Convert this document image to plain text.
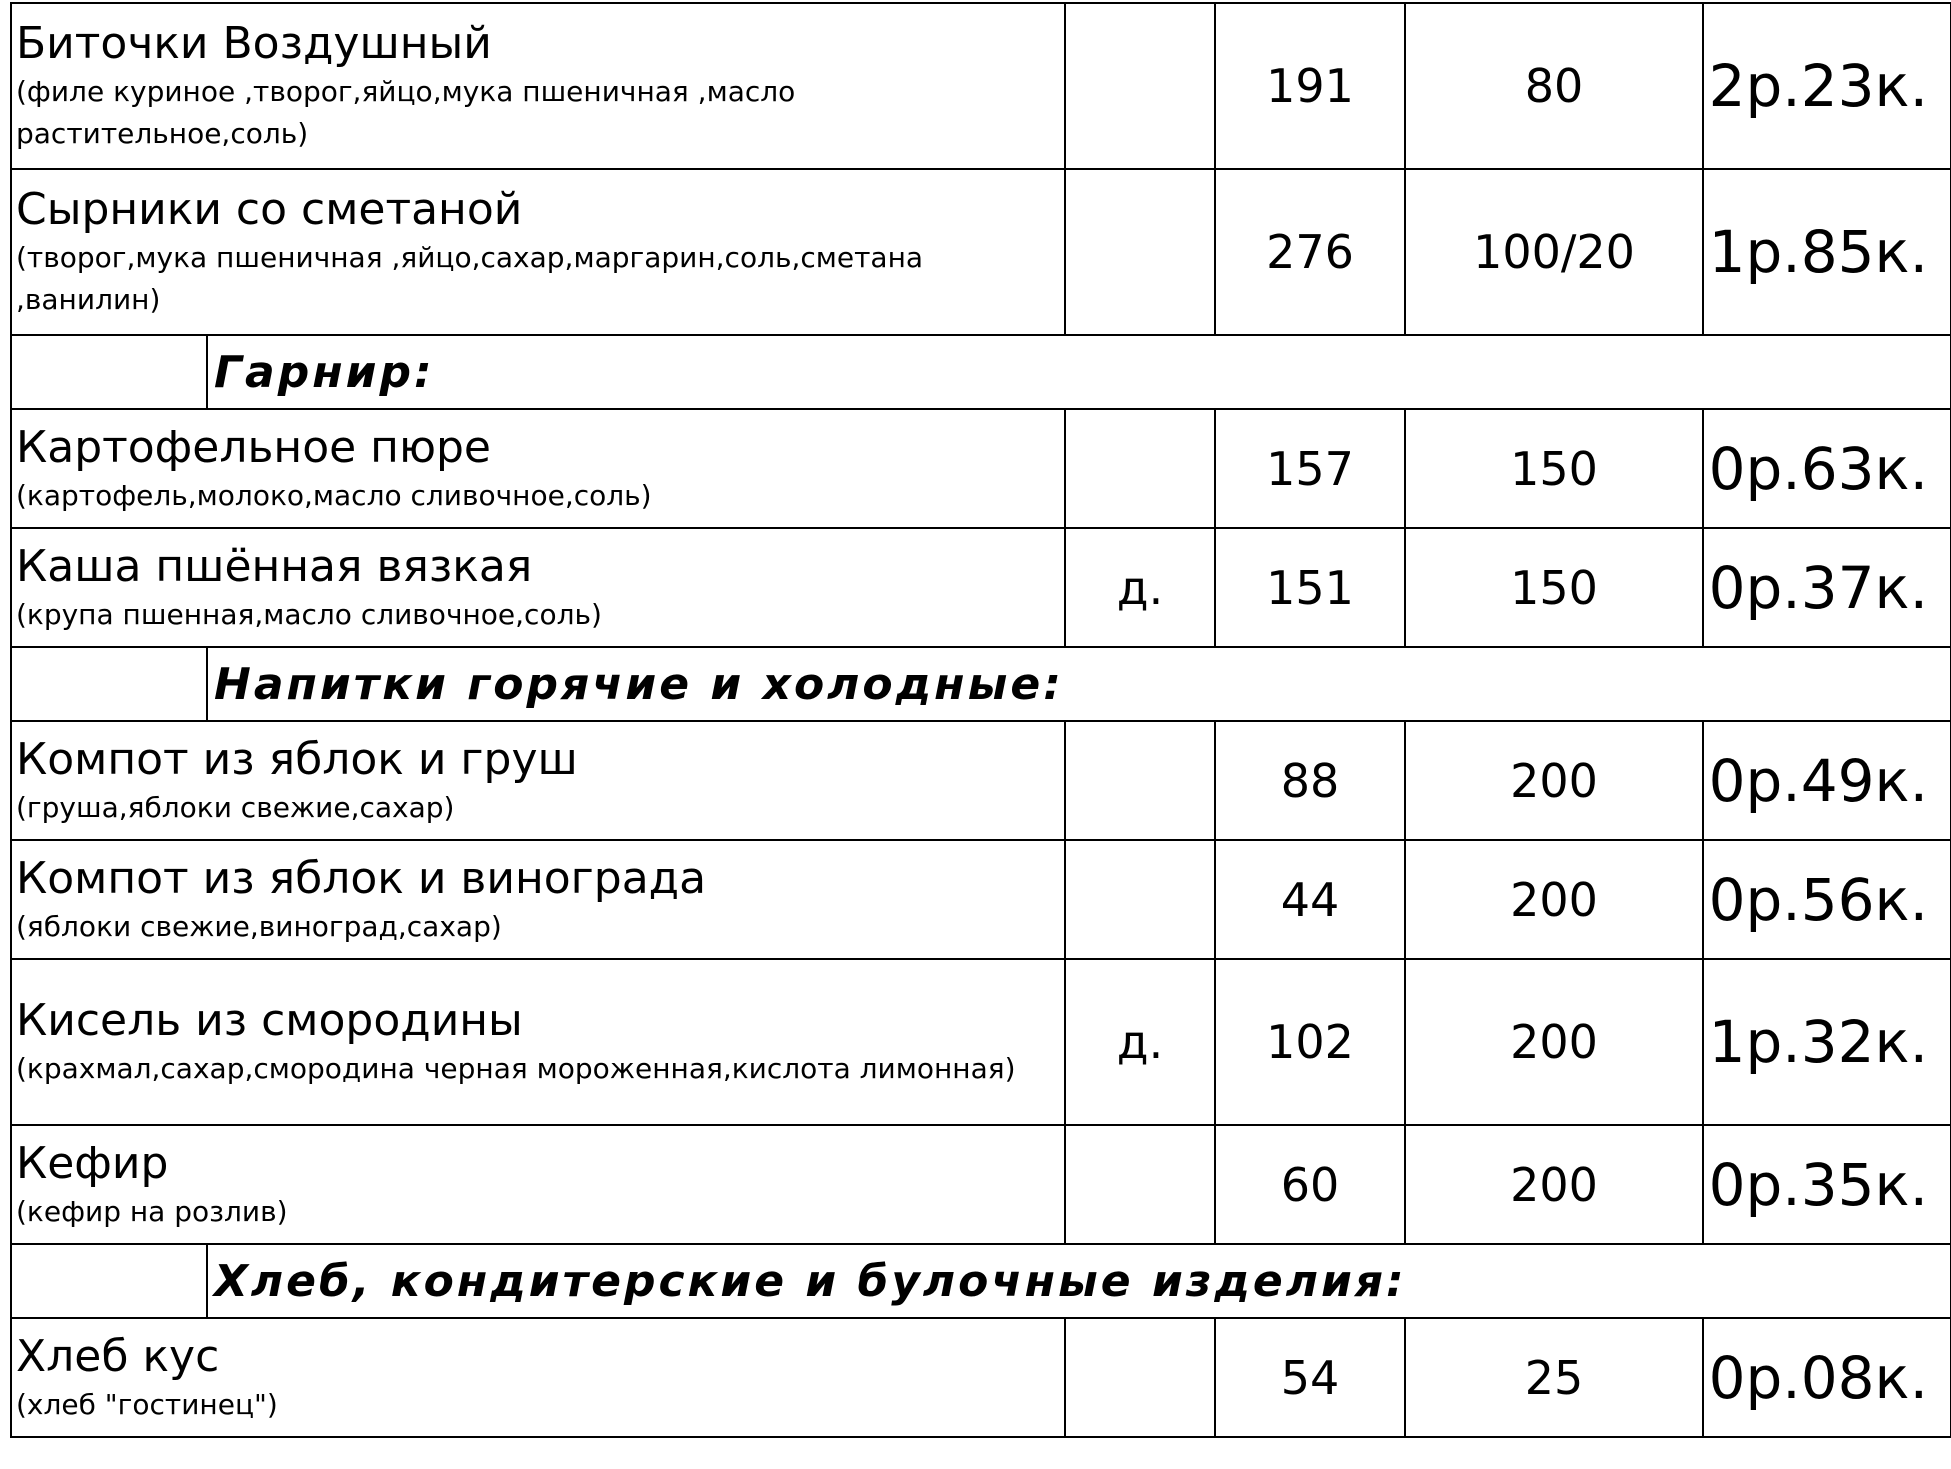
Биточки Воздушный
(филе куриное ,творог,яйцо,мука пшеничная ,масло растительное,соль)			191	80	2р.23к.

Сырники со сметаной
(творог,мука пшеничная ,яйцо,сахар,маргарин,соль,сметана ,ванилин)			276	100/20	1р.85к.
	Гарнир:				

Картофельное пюре
(картофель,молоко,масло сливочное,соль)			157	150	0р.63к.

Каша пшённая вязкая
(крупа пшенная,масло сливочное,соль)		д.	151	150	0р.37к.
	Напитки горячие и холодные:				

Компот из яблок и груш
(груша,яблоки свежие,сахар)			88	200	0р.49к.

Компот из яблок и винограда
(яблоки свежие,виноград,сахар)			44	200	0р.56к.

Кисель из смородины
(крахмал,сахар,смородина черная мороженная,кислота лимонная)		д.	102	200	1р.32к.

Кефир
(кефир на розлив)			60	200	0р.35к.
	Хлеб, кондитерские и булочные изделия:				

Хлеб кус
(хлеб "гостинец")			54	25	0р.08к.
